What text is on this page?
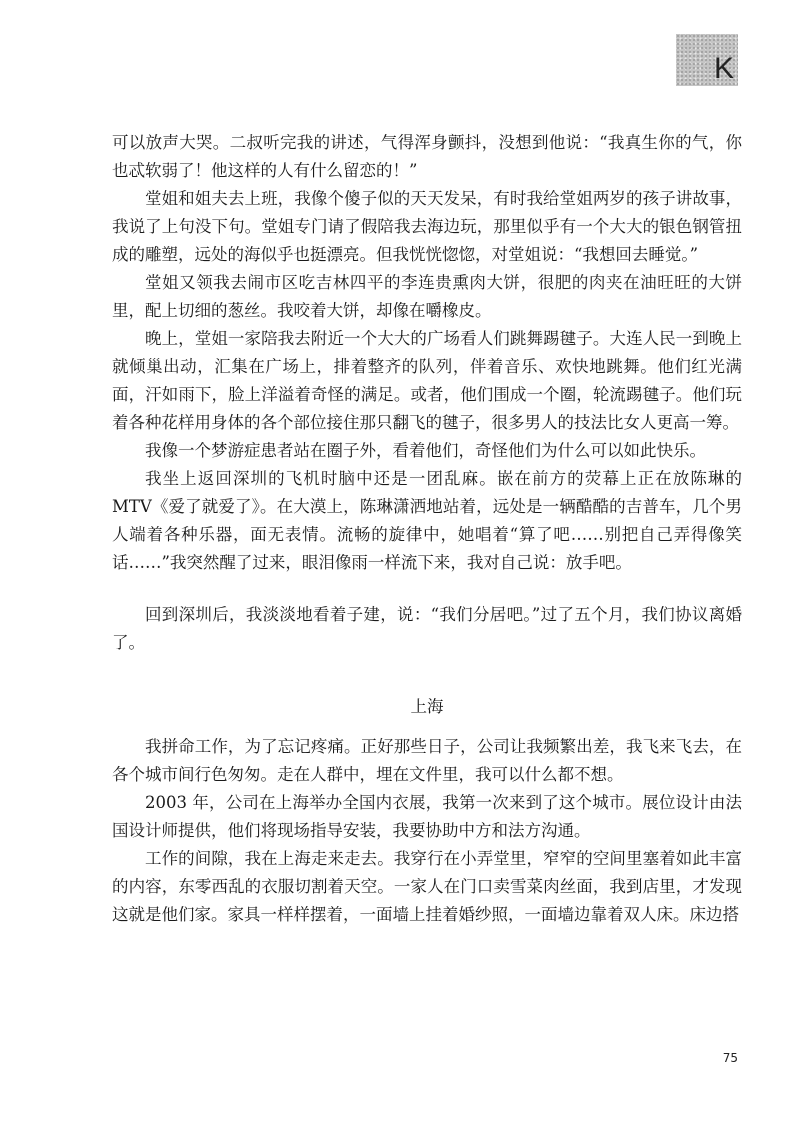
K

可以放声大哭。二叔听完我的讲述，气得浑身颤抖，没想到他说：“我真生你的气，你也忒软弱了！他这样的人有什么留恋的！”

堂姐和姐夫去上班，我像个傻子似的天天发呆，有时我给堂姐两岁的孩子讲故事，我说了上句没下句。堂姐专门请了假陪我去海边玩，那里似乎有一个大大的银色钢管扭成的雕塑，远处的海似乎也挺漂亮。但我恍恍惚惚，对堂姐说：“我想回去睡觉。”

堂姐又领我去闹市区吃吉林四平的李连贵熏肉大饼，很肥的肉夹在油旺旺的大饼里，配上切细的葱丝。我咬着大饼，却像在嚼橡皮。

晚上，堂姐一家陪我去附近一个大大的广场看人们跳舞踢毽子。大连人民一到晚上就倾巢出动，汇集在广场上，排着整齐的队列，伴着音乐、欢快地跳舞。他们红光满面，汗如雨下，脸上洋溢着奇怪的满足。或者，他们围成一个圈，轮流踢毽子。他们玩着各种花样用身体的各个部位接住那只翻飞的毽子，很多男人的技法比女人更高一筹。

我像一个梦游症患者站在圈子外，看着他们，奇怪他们为什么可以如此快乐。

我坐上返回深圳的飞机时脑中还是一团乱麻。嵌在前方的荧幕上正在放陈琳的MTV《爱了就爱了》。在大漠上，陈琳潇洒地站着，远处是一辆酷酷的吉普车，几个男人端着各种乐器，面无表情。流畅的旋律中，她唱着“算了吧……别把自己弄得像笑话……”我突然醒了过来，眼泪像雨一样流下来，我对自己说：放手吧。

回到深圳后，我淡淡地看着子建，说：“我们分居吧。”过了五个月，我们协议离婚了。

上海

我拼命工作，为了忘记疼痛。正好那些日子，公司让我频繁出差，我飞来飞去，在各个城市间行色匆匆。走在人群中，埋在文件里，我可以什么都不想。

2003 年，公司在上海举办全国内衣展，我第一次来到了这个城市。展位设计由法国设计师提供，他们将现场指导安装，我要协助中方和法方沟通。

工作的间隙，我在上海走来走去。我穿行在小弄堂里，窄窄的空间里塞着如此丰富的内容，东零西乱的衣服切割着天空。一家人在门口卖雪菜肉丝面，我到店里，才发现这就是他们家。家具一样样摆着，一面墙上挂着婚纱照，一面墙边靠着双人床。床边搭

75
